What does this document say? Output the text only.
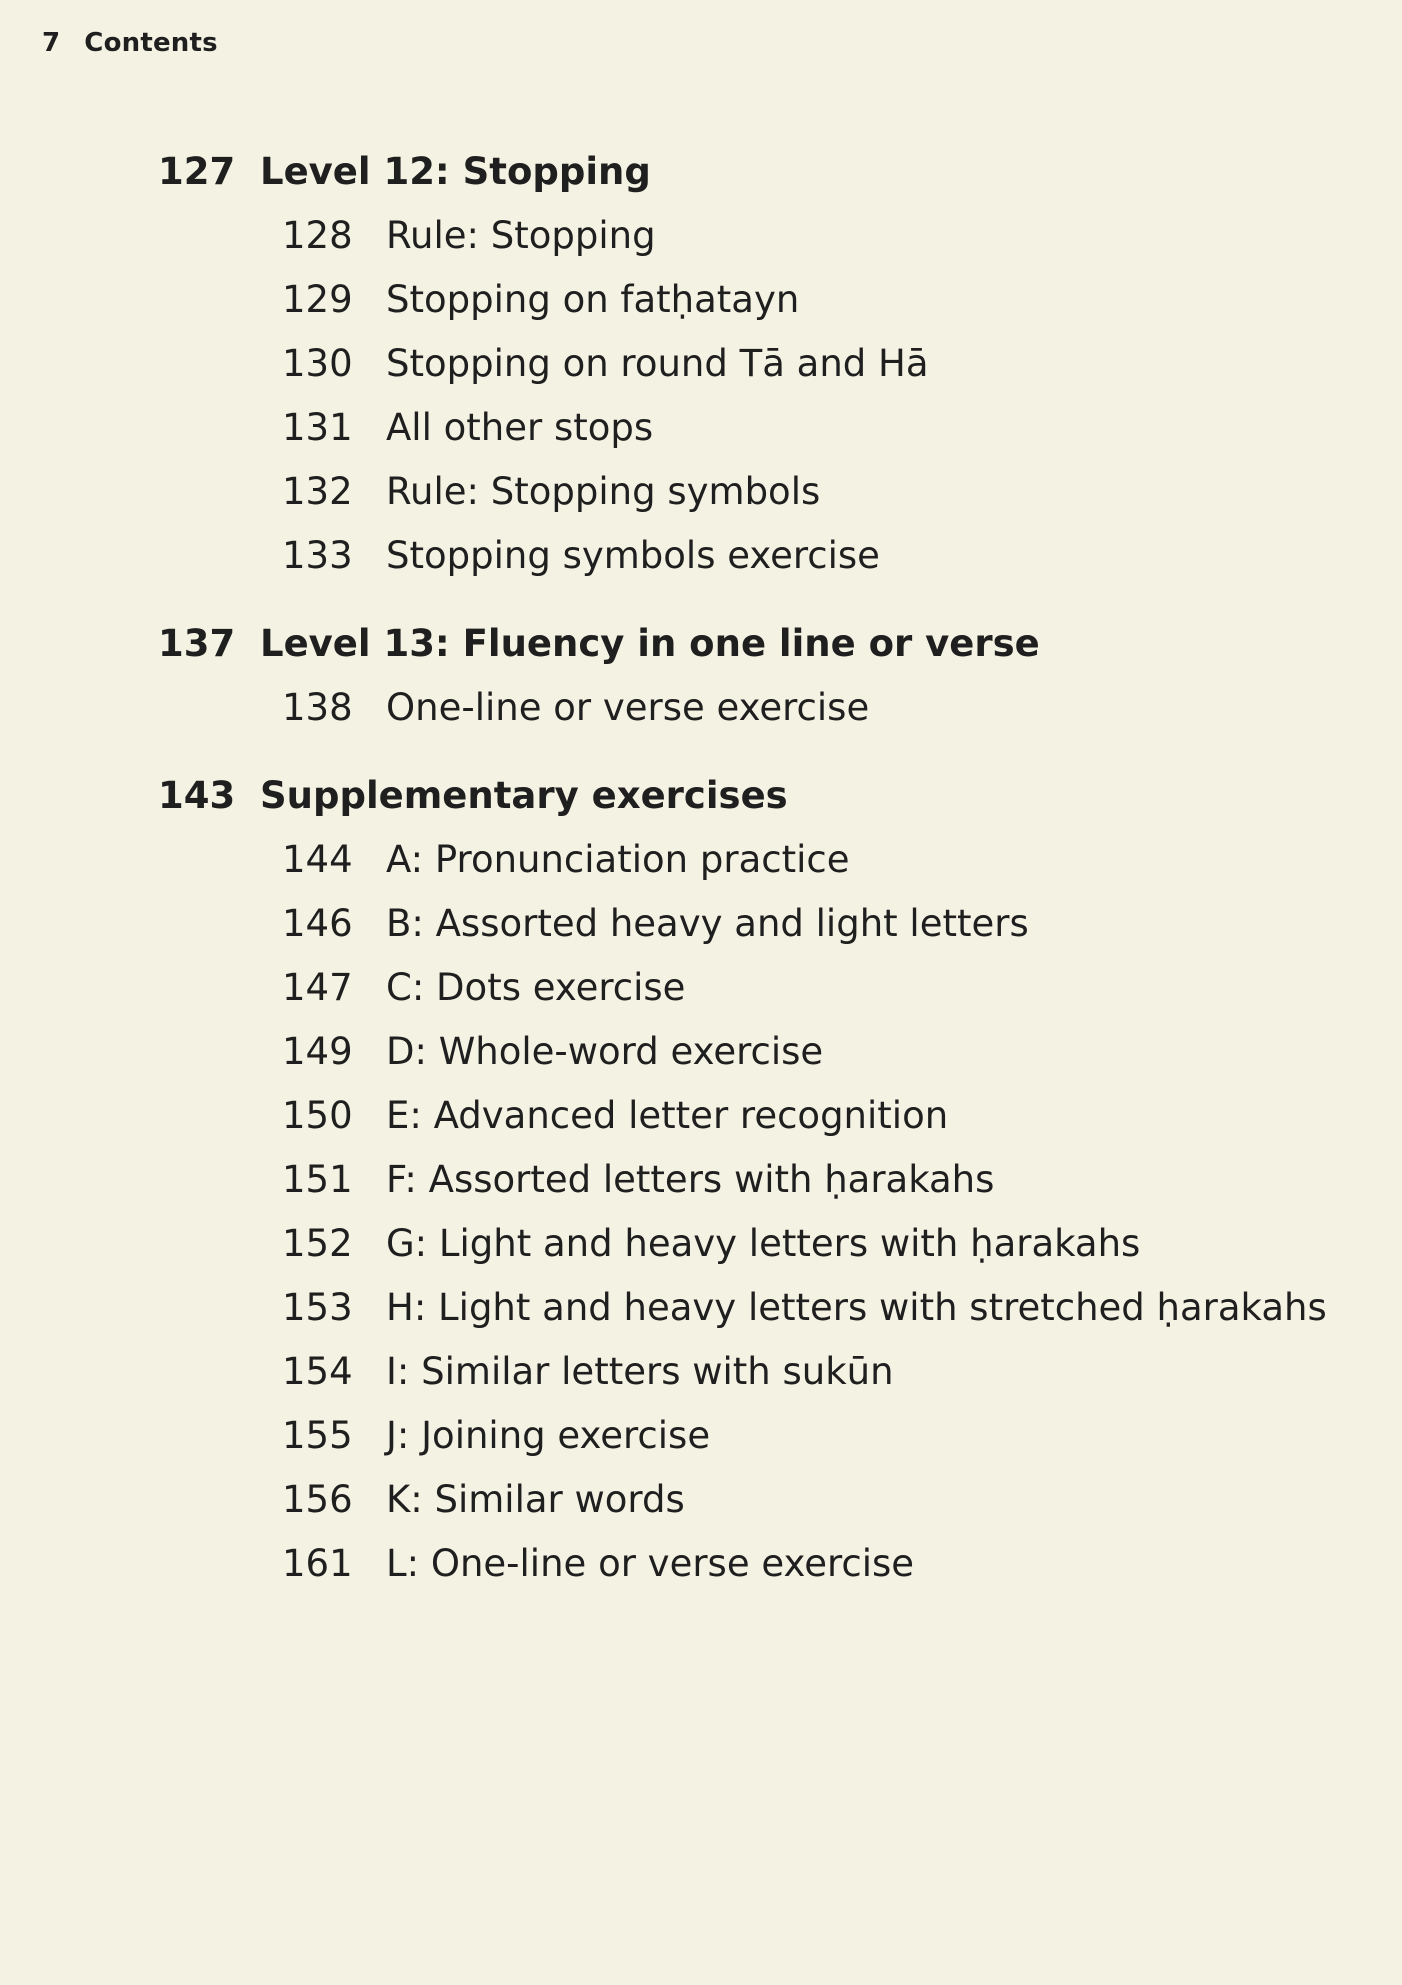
7 Contents
127 Level 12: Stopping
128 Rule: Stopping
129 Stopping on fatḥatayn
130 Stopping on round Tā and Hā
131 All other stops
132 Rule: Stopping symbols
133 Stopping symbols exercise
137 Level 13: Fluency in one line or verse
138 One-line or verse exercise
143 Supplementary exercises
144 A: Pronunciation practice
146 B: Assorted heavy and light letters
147 C: Dots exercise
149 D: Whole-word exercise
150 E: Advanced letter recognition
151 F: Assorted letters with ḥarakahs
152 G: Light and heavy letters with ḥarakahs
153 H: Light and heavy letters with stretched ḥarakahs
154 I: Similar letters with sukūn
155 J: Joining exercise
156 K: Similar words
161 L: One-line or verse exercise
